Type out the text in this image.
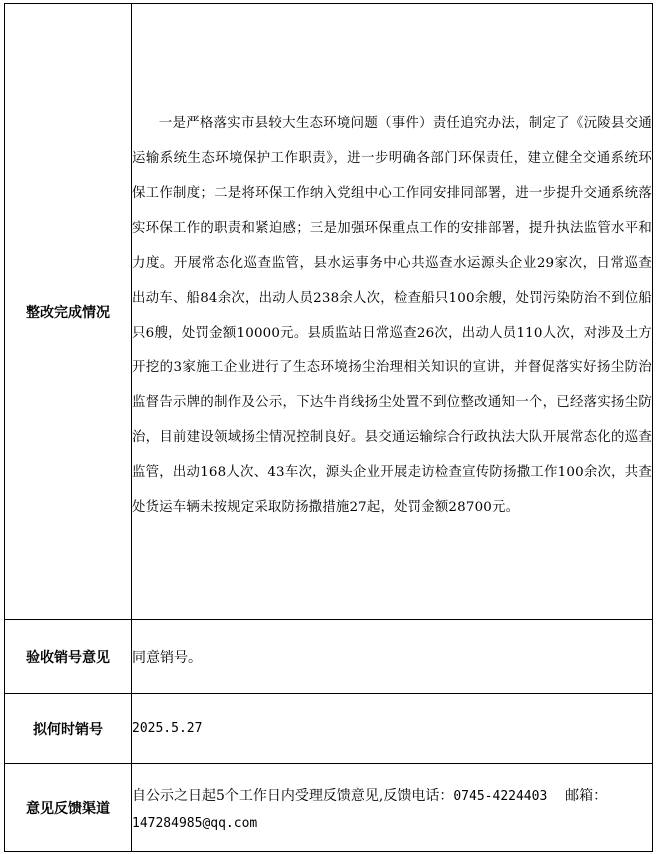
整改完成情况	一是严格落实市县较大生态环境问题（事件）责任追究办法，制定了《沅陵县交通运输系统生态环境保护工作职责》，进一步明确各部门环保责任，建立健全交通系统环保工作制度；二是将环保工作纳入党组中心工作同安排同部署，进一步提升交通系统落实环保工作的职责和紧迫感；三是加强环保重点工作的安排部署，提升执法监管水平和力度。开展常态化巡查监管，县水运事务中心共巡查水运源头企业29家次，日常巡查出动车、船84余次，出动人员238余人次，检查船只100余艘，处罚污染防治不到位船只6艘，处罚金额10000元。县质监站日常巡查26次，出动人员110人次，对涉及土方开挖的3家施工企业进行了生态环境扬尘治理相关知识的宣讲，并督促落实好扬尘防治监督告示牌的制作及公示，下达牛肖线扬尘处置不到位整改通知一个，已经落实扬尘防治，目前建设领域扬尘情况控制良好。县交通运输综合行政执法大队开展常态化的巡查监管，出动168人次、43车次，源头企业开展走访检查宣传防扬撒工作100余次，共查处货运车辆未按规定采取防扬撒措施27起，处罚金额28700元。

验收销号意见	同意销号。

拟何时销号	2025.5.27

意见反馈渠道	自公示之日起5个工作日内受理反馈意见,反馈电话：0745-4224403 邮箱：147284985@qq.com
